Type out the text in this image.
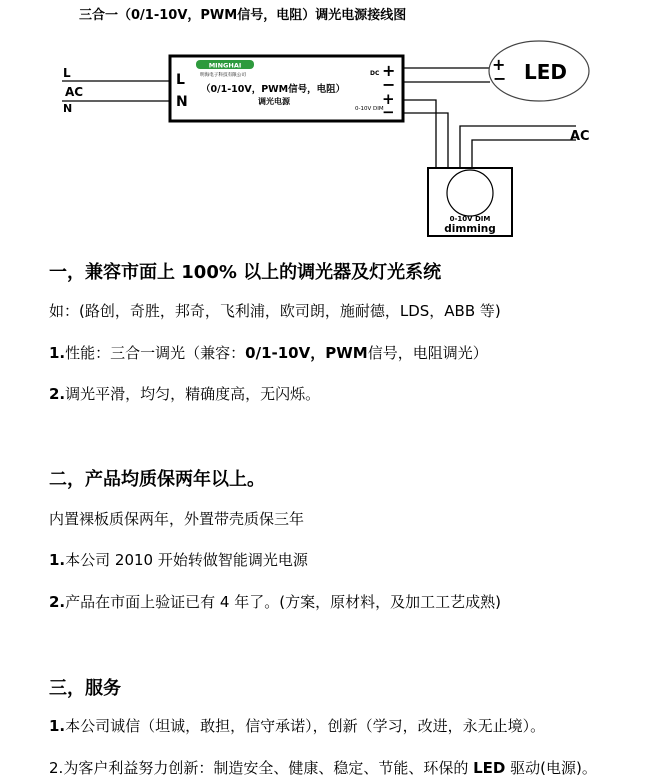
三合一（0/1-10V，PWM信号，电阻）调光电源接线图
L
AC
N
MINGHAI
明海电子科技有限公司
L
N
（0/1-10V，PWM信号，电阻）
调光电源
DC
0-10V DIM
+
−
+
−
AC
+
− LED
0-10V DIM
dimming
一，兼容市面上 100% 以上的调光器及灯光系统
如：(路创，奇胜，邦奇，飞利浦，欧司朗，施耐德，LDS，ABB 等)
1.性能：三合一调光（兼容：0/1-10V，PWM信号，电阻调光）
2.调光平滑，均匀，精确度高，无闪烁。
二，产品均质保两年以上。
内置裸板质保两年，外置带壳质保三年
1.本公司 2010 开始转做智能调光电源
2.产品在市面上验证已有 4 年了。(方案，原材料，及加工工艺成熟)
三，服务
1.本公司诚信（坦诚，敢担，信守承诺），创新（学习，改进，永无止境）。
2.为客户利益努力创新：制造安全、健康、稳定、节能、环保的 LED 驱动(电源)。
